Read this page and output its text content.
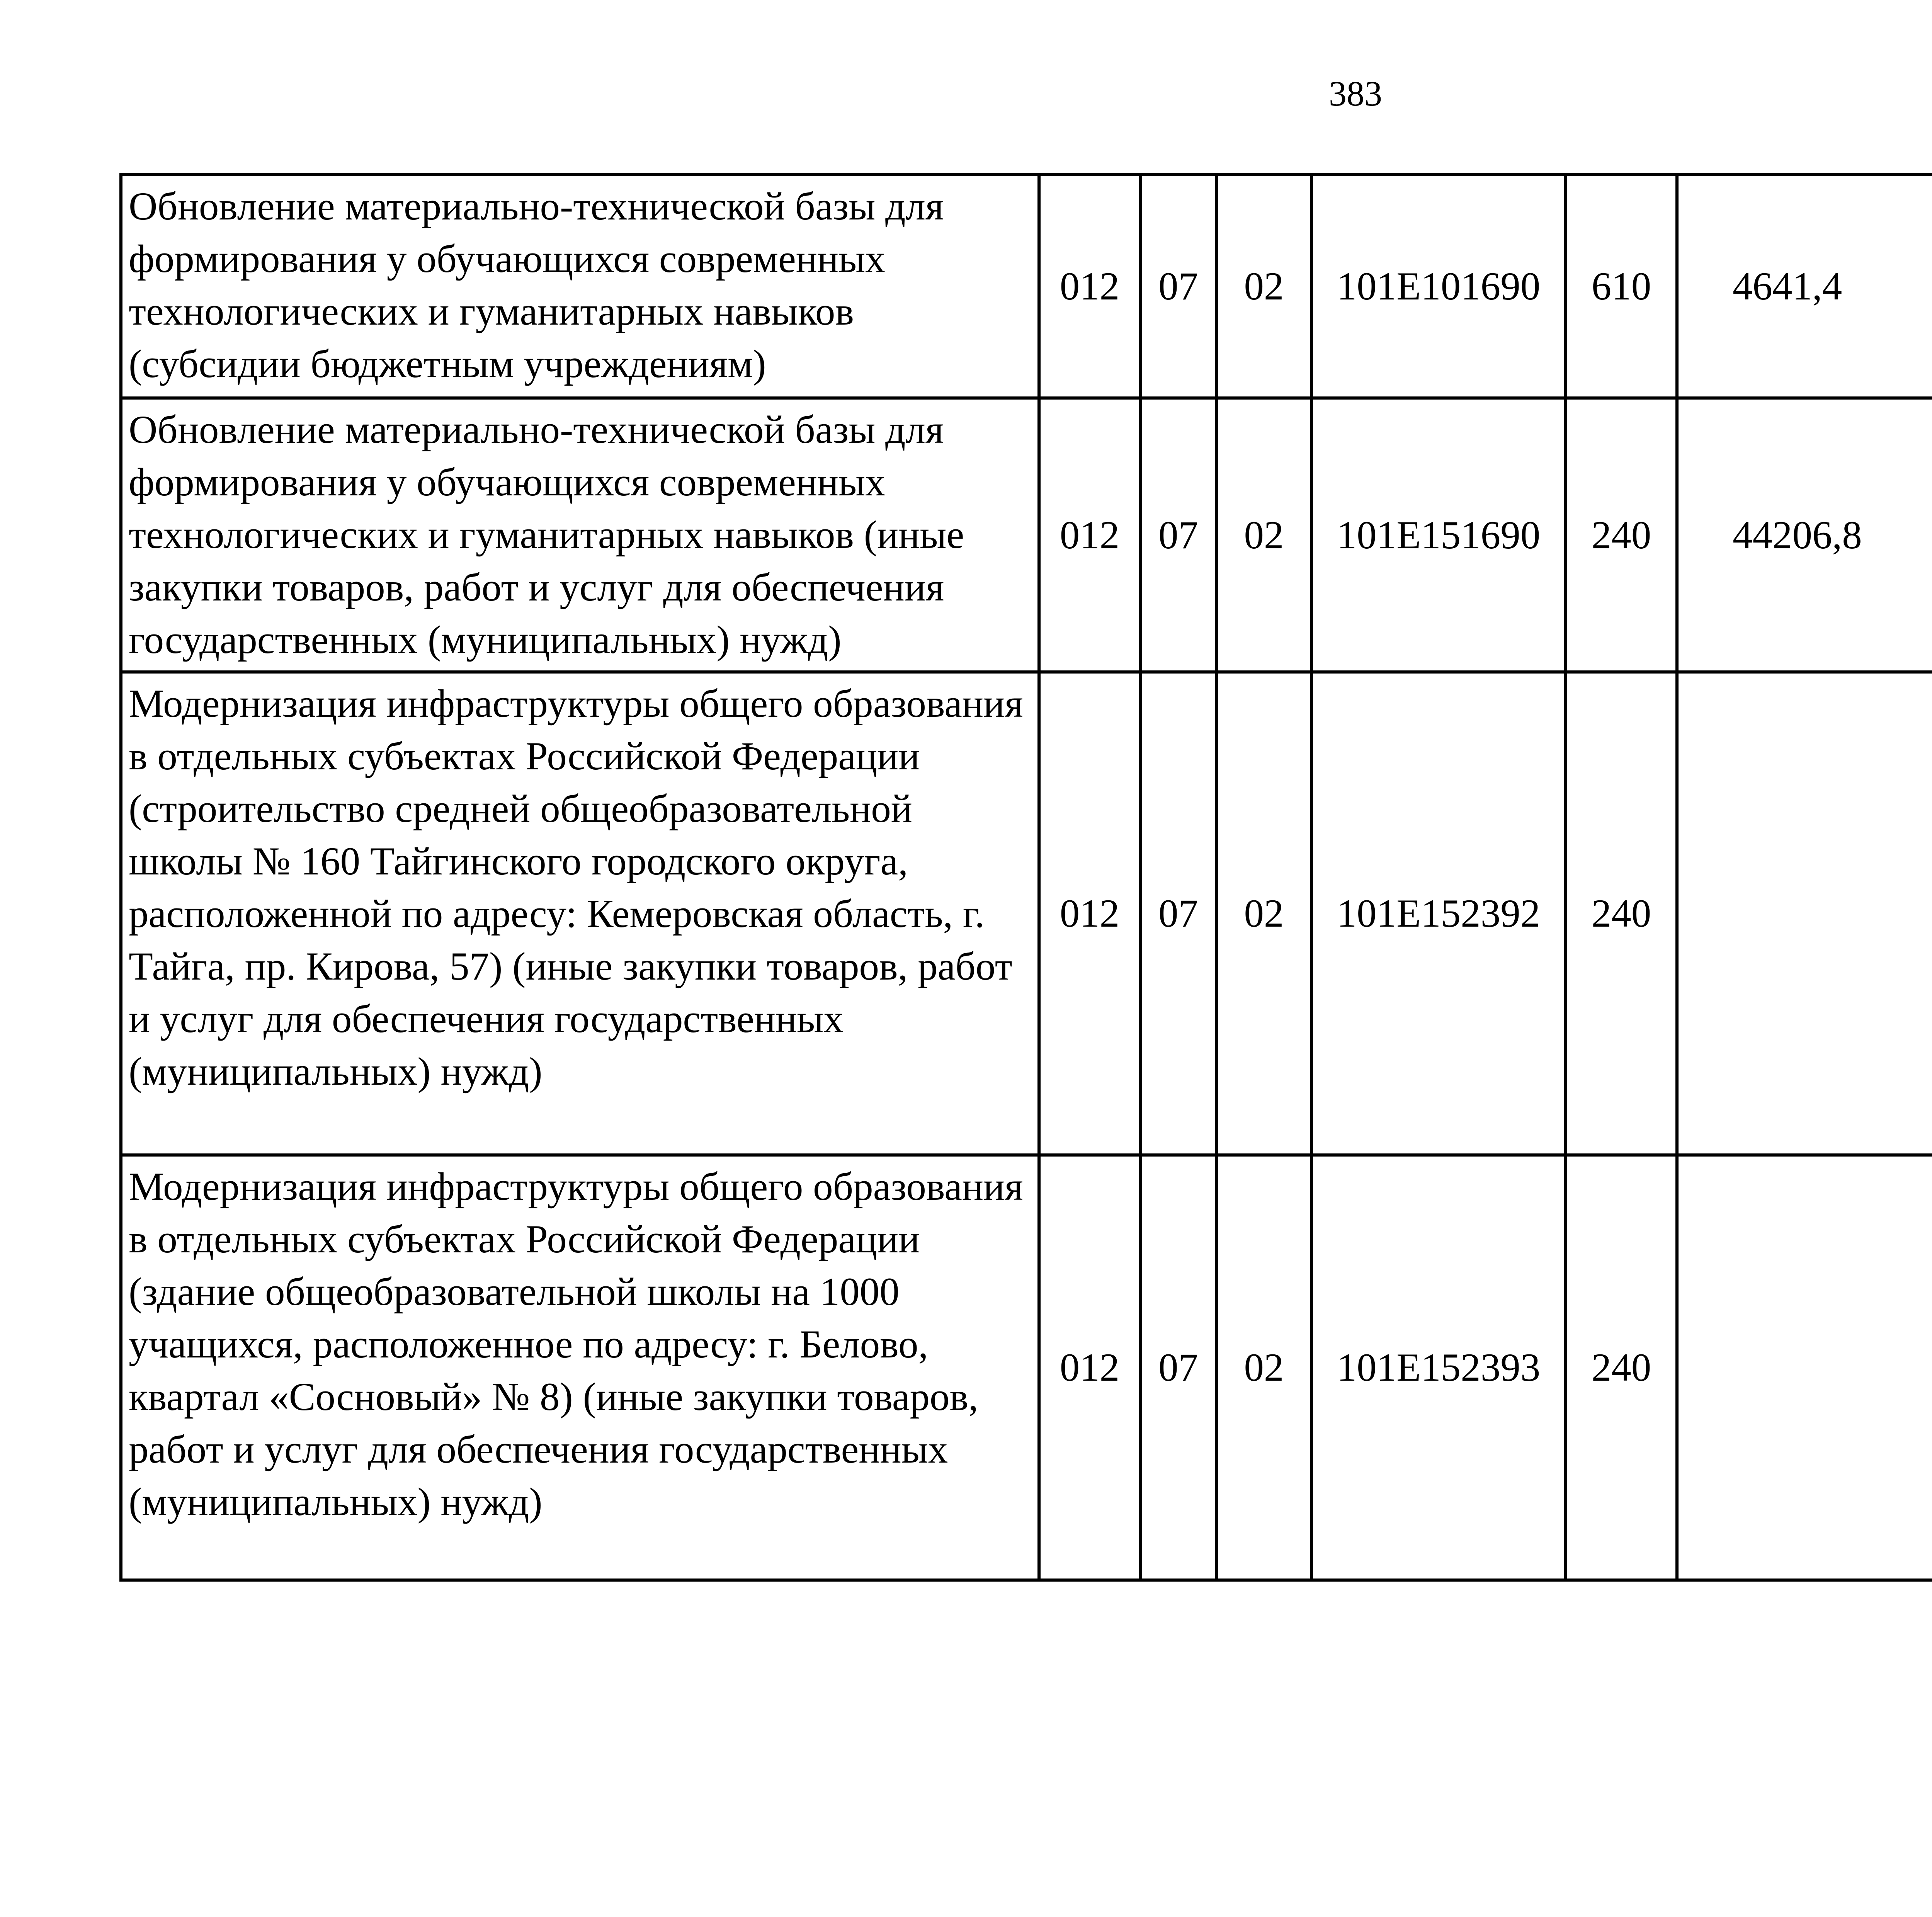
383
Обновление материально-технической базы для формирования у обучающихся современных технологических и гуманитарных навыков (субсидии бюджетным учреждениям)	012	07	02	101E101690	610	4641,4		
Обновление материально-технической базы для формирования у обучающихся современных технологических и гуманитарных навыков (иные закупки товаров, работ и услуг для обеспечения государственных (муниципальных) нужд)	012	07	02	101E151690	240	44206,8		
Модернизация инфраструктуры общего образования в отдельных субъектах Российской Федерации (строительство средней общеобразовательной школы № 160 Тайгинского городского округа, расположенной по адресу: Кемеровская область, г. Тайга, пр. Кирова, 57) (иные закупки товаров, работ и услуг для обеспечения государственных (муниципальных) нужд)	012	07	02	101E152392	240			
Модернизация инфраструктуры общего образования в отдельных субъектах Российской Федерации (здание общеобразовательной школы на 1000 учащихся, расположенное по адресу: г. Белово, квартал «Сосновый» № 8) (иные закупки товаров, работ и услуг для обеспечения государственных (муниципальных) нужд)	012	07	02	101E152393	240			
